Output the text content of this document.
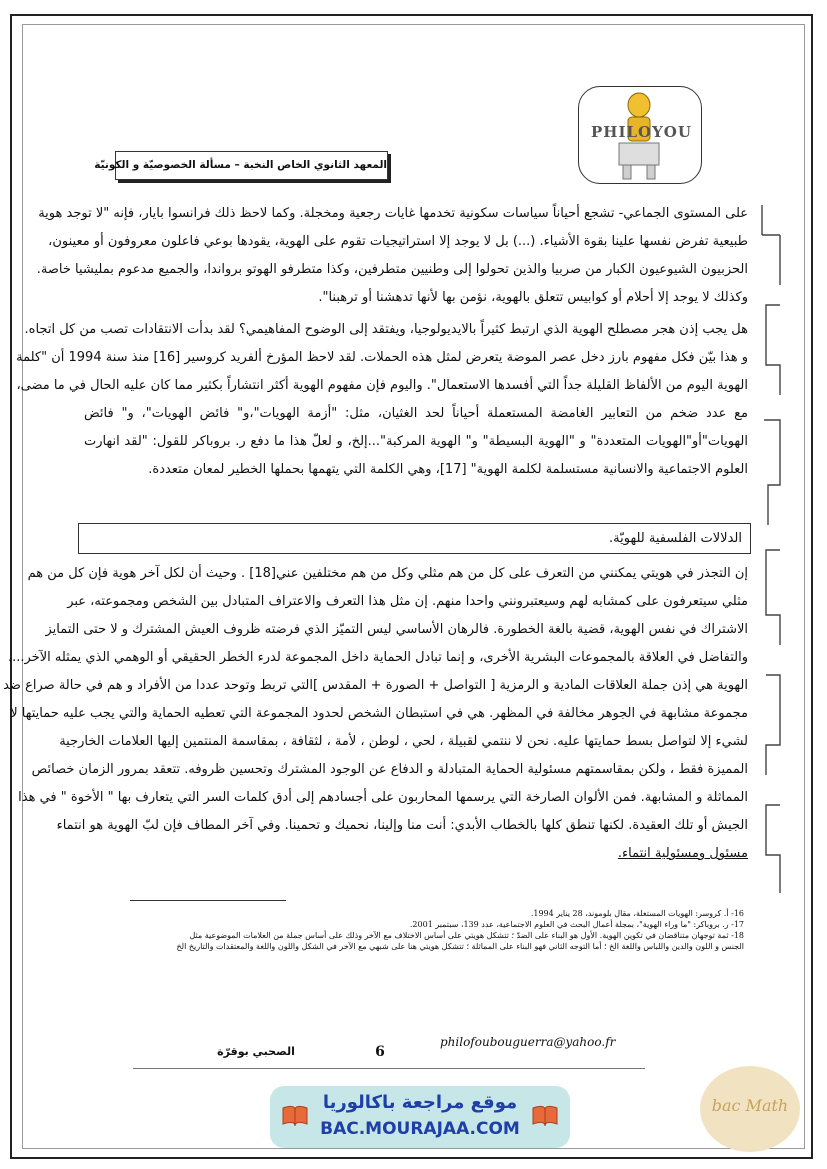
PHILOYOU
المعهد الثانوي الخاص النخبة – مسألة الخصوصيّة و الكونيّة
على المستوى الجماعي- تشجع أحياناً سياسات سكونية تخدمها غايات رجعية ومخجلة. وكما لاحظ ذلك فرانسوا بايار، فإنه "لا توجد هوية
طبيعية تفرض نفسها علينا بقوة الأشياء. (...) بل لا يوجد إلا استراتيجيات تقوم على الهوية، يقودها بوعي فاعلون معروفون أو معينون،
الحزبيون الشيوعيون الكبار من صربيا والذين تحولوا إلى وطنيين متطرفين، وكذا متطرفو الهوتو برواندا، والجميع مدعوم بمليشيا خاصة.
وكذلك لا يوجد إلا أحلام أو كوابيس تتعلق بالهوية، نؤمن بها لأنها تدهشنا أو ترهبنا".
هل يجب إذن هجر مصطلح الهوية الذي ارتبط كثيراً بالايديولوجيا، ويفتقد إلى الوضوح المفاهيمي؟ لقد بدأت الانتقادات تصب من كل اتجاه.
و هذا بيّن فكل مفهوم بارز دخل عصر الموضة يتعرض لمثل هذه الحملات. لقد لاحظ المؤرخ ألفريد كروسير [16] منذ سنة 1994 أن "كلمة
الهوية اليوم من الألفاظ القليلة جداً التي أفسدها الاستعمال". واليوم فإن مفهوم الهوية أكثر انتشاراً بكثير مما كان عليه الحال في ما مضى،
مع عدد ضخم من التعابير الغامضة المستعملة أحياناً لحد الغثيان، مثل: "أزمة الهويات"،و" فائض الهويات"، و" فائض
الهويات"أو"الهويات المتعددة" و "الهوية البسيطة" و" الهوية المركبة"...إلخ، و لعلّ هذا ما دفع ر. بروباكر للقول: "لقد انهارت
العلوم الاجتماعية والانسانية مستسلمة لكلمة الهوية" [17]، وهي الكلمة التي يتهمها بحملها الخطير لمعان متعددة.
الدلالات الفلسفية للهويّة.
إن التجذر في هويتي يمكنني من التعرف على كل من هم مثلي وكل من هم مختلفين عني[18] . وحيث أن لكل آخر هوية فإن كل من هم
مثلي سيتعرفون على كمشابه لهم وسيعتبرونني واحدا منهم. إن مثل هذا التعرف والاعتراف المتبادل بين الشخص ومجموعته، عبر
الاشتراك في نفس الهوية، قضية بالغة الخطورة. فالرهان الأساسي ليس التميّز الذي فرضته ظروف العيش المشترك و لا حتى التمايز
والتفاضل في العلاقة بالمجموعات البشرية الأخرى، و إنما تبادل الحماية داخل المجموعة لدرء الخطر الحقيقي أو الوهمي الذي يمثله الآخر....
الهوية هي إذن جملة العلاقات المادية و الرمزية [ التواصل + الصورة + المقدس ]التي تربط وتوحد عددا من الأفراد و هم في حالة صراع ضد
مجموعة مشابهة في الجوهر مخالفة في المظهر. هي في استبطان الشخص لحدود المجموعة التي تعطيه الحماية والتي يجب عليه حمايتها لا
لشيء إلا لتواصل بسط حمايتها عليه. نحن لا ننتمي لقبيلة ، لحي ، لوطن ، لأمة ، لثقافة ، بمقاسمة المنتمين إليها العلامات الخارجية
المميزة فقط ، ولكن بمقاسمتهم مسئولية الحماية المتبادلة و الدفاع عن الوجود المشترك وتحسين ظروفه. تتعقد بمرور الزمان خصائص
المماثلة و المشابهة. فمن الألوان الصارخة التي يرسمها المحاربون على أجسادهم إلى أدق كلمات السر التي يتعارف بها " الأخوة " في هذا
الجيش أو تلك العقيدة. لكنها تنطق كلها بالخطاب الأبدي: أنت منا وإلينا، نحميك و تحمينا. وفي آخر المطاف فإن لبّ الهوية هو انتماء
مسئول ومسئولية انتماء.
16- أ. كروسر: الهويات المستغلة، مقال بلوموند، 28 يناير 1994.
17- ر. بروباكر: "ما وراء الهوية"، بمجلة أعمال البحث في العلوم الاجتماعية، عدد 139، سبتمبر 2001.
18- ثمة توجهان متناقضان في تكوين الهوية. الأول هو البناء على الضدّ ؛ تتشكل هويتي على أساس الاختلاف مع الآخر وذلك على أساس جملة من العلامات الموضوعية مثل
الجنس و اللون والدين واللباس واللغة الخ ؛ أما التوجه الثاني فهو البناء على المماثلة ؛ تتشكل هويتي هنا على شبهي مع الآخر في الشكل واللون واللغة والمعتقدات والتاريخ الخ
philofoubouguerra@yahoo.fr
6
الصحبي بوقرّة
موقع مراجعة باكالوريا
BAC.MOURAJAA.COM
bac Math
